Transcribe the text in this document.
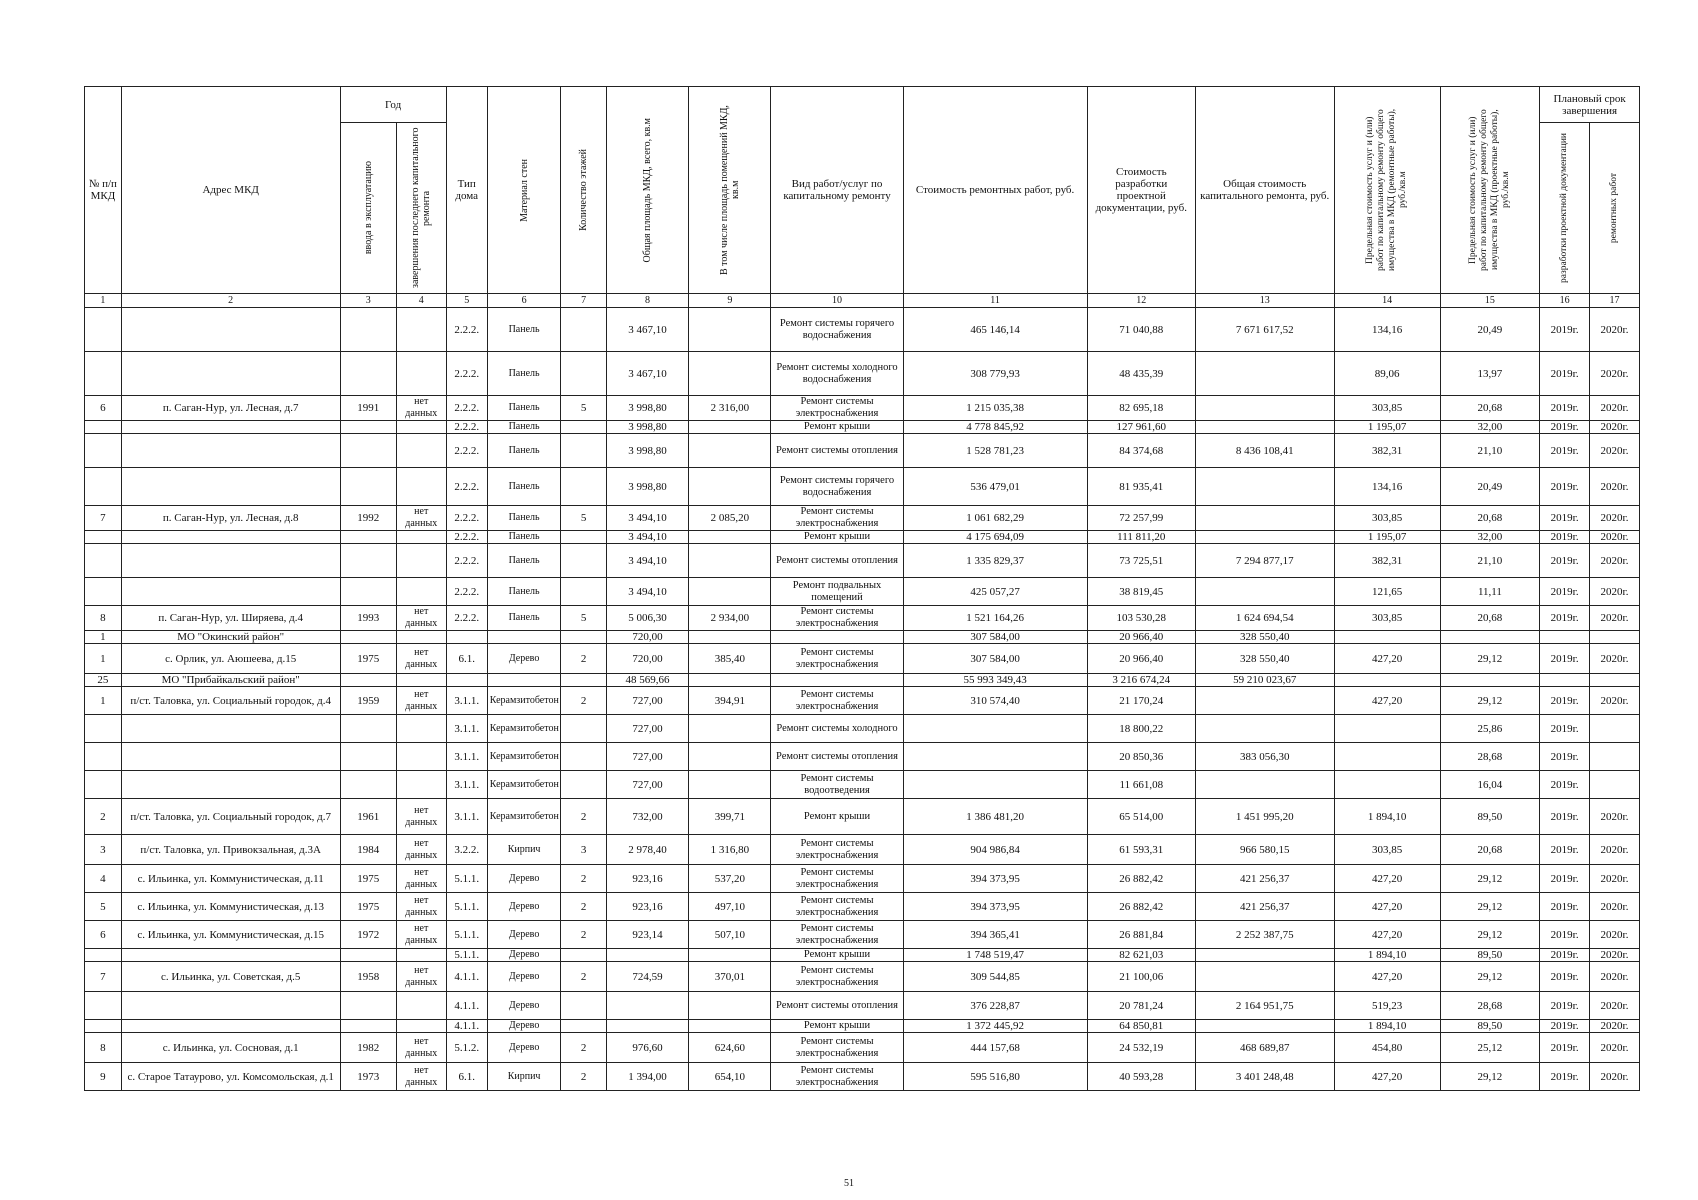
№ п/п МКД	Адрес МКД	Год		Тип дома	Материал стен	Количество этажей	Общая площадь МКД, всего, кв.м	В том числе площадь помещений МКД, кв.м	Вид работ/услуг по капитальному ремонту	Стоимость ремонтных работ, руб.	Стоимость разработки проектной документации, руб.	Общая стоимость капитального ремонта, руб.	Предельная стоимость услуг и (или) работ по капитальному ремонту общего имущества в МКД (ремонтные работы), руб./кв.м	Предельная стоимость услуг и (или) работ по капитальному ремонту общего имущества в МКД (проектные работы), руб./кв.м	Плановый срок завершения	

		ввода в эксплуатацию	завершения последнего капитального ремонта												разработки проектной документации	ремонтных работ

1	2	3	4	5	6	7	8	9	10	11	12	13	14	15	16	17
				2.2.2.	Панель		3 467,10		Ремонт системы горячего водоснабжения	465 146,14	71 040,88	7 671 617,52	134,16	20,49	2019г.	2020г.
				2.2.2.	Панель		3 467,10		Ремонт системы холодного водоснабжения	308 779,93	48 435,39		89,06	13,97	2019г.	2020г.
6	п. Саган-Нур, ул. Лесная, д.7	1991	нет данных	2.2.2.	Панель	5	3 998,80	2 316,00	Ремонт системы электроснабжения	1 215 035,38	82 695,18		303,85	20,68	2019г.	2020г.
				2.2.2.	Панель		3 998,80		Ремонт крыши	4 778 845,92	127 961,60		1 195,07	32,00	2019г.	2020г.
				2.2.2.	Панель		3 998,80		Ремонт системы отопления	1 528 781,23	84 374,68	8 436 108,41	382,31	21,10	2019г.	2020г.
				2.2.2.	Панель		3 998,80		Ремонт системы горячего водоснабжения	536 479,01	81 935,41		134,16	20,49	2019г.	2020г.
7	п. Саган-Нур, ул. Лесная, д.8	1992	нет данных	2.2.2.	Панель	5	3 494,10	2 085,20	Ремонт системы электроснабжения	1 061 682,29	72 257,99		303,85	20,68	2019г.	2020г.
				2.2.2.	Панель		3 494,10		Ремонт крыши	4 175 694,09	111 811,20		1 195,07	32,00	2019г.	2020г.
				2.2.2.	Панель		3 494,10		Ремонт системы отопления	1 335 829,37	73 725,51	7 294 877,17	382,31	21,10	2019г.	2020г.
				2.2.2.	Панель		3 494,10		Ремонт подвальных помещений	425 057,27	38 819,45		121,65	11,11	2019г.	2020г.
8	п. Саган-Нур, ул. Ширяева, д.4	1993	нет данных	2.2.2.	Панель	5	5 006,30	2 934,00	Ремонт системы электроснабжения	1 521 164,26	103 530,28	1 624 694,54	303,85	20,68	2019г.	2020г.
1	МО "Окинский район"						720,00			307 584,00	20 966,40	328 550,40				
1	с. Орлик, ул. Аюшеева, д.15	1975	нет данных	6.1.	Дерево	2	720,00	385,40	Ремонт системы электроснабжения	307 584,00	20 966,40	328 550,40	427,20	29,12	2019г.	2020г.
25	МО "Прибайкальский район"						48 569,66			55 993 349,43	3 216 674,24	59 210 023,67				
1	п/ст. Таловка, ул. Социальный городок, д.4	1959	нет данных	3.1.1.	Керамзитобетон	2	727,00	394,91	Ремонт системы электроснабжения	310 574,40	21 170,24		427,20	29,12	2019г.	2020г.
				3.1.1.	Керамзитобетон		727,00		Ремонт системы холодного		18 800,22			25,86	2019г.	
				3.1.1.	Керамзитобетон		727,00		Ремонт системы отопления		20 850,36	383 056,30		28,68	2019г.	
				3.1.1.	Керамзитобетон		727,00		Ремонт системы водоотведения		11 661,08			16,04	2019г.	
2	п/ст. Таловка, ул. Социальный городок, д.7	1961	нет данных	3.1.1.	Керамзитобетон	2	732,00	399,71	Ремонт крыши	1 386 481,20	65 514,00	1 451 995,20	1 894,10	89,50	2019г.	2020г.
3	п/ст. Таловка, ул. Привокзальная, д.3А	1984	нет данных	3.2.2.	Кирпич	3	2 978,40	1 316,80	Ремонт системы электроснабжения	904 986,84	61 593,31	966 580,15	303,85	20,68	2019г.	2020г.
4	с. Ильинка, ул. Коммунистическая, д.11	1975	нет данных	5.1.1.	Дерево	2	923,16	537,20	Ремонт системы электроснабжения	394 373,95	26 882,42	421 256,37	427,20	29,12	2019г.	2020г.
5	с. Ильинка, ул. Коммунистическая, д.13	1975	нет данных	5.1.1.	Дерево	2	923,16	497,10	Ремонт системы электроснабжения	394 373,95	26 882,42	421 256,37	427,20	29,12	2019г.	2020г.
6	с. Ильинка, ул. Коммунистическая, д.15	1972	нет данных	5.1.1.	Дерево	2	923,14	507,10	Ремонт системы электроснабжения	394 365,41	26 881,84	2 252 387,75	427,20	29,12	2019г.	2020г.
				5.1.1.	Дерево				Ремонт крыши	1 748 519,47	82 621,03		1 894,10	89,50	2019г.	2020г.
7	с. Ильинка, ул. Советская, д.5	1958	нет данных	4.1.1.	Дерево	2	724,59	370,01	Ремонт системы электроснабжения	309 544,85	21 100,06		427,20	29,12	2019г.	2020г.
				4.1.1.	Дерево				Ремонт системы отопления	376 228,87	20 781,24	2 164 951,75	519,23	28,68	2019г.	2020г.
				4.1.1.	Дерево				Ремонт крыши	1 372 445,92	64 850,81		1 894,10	89,50	2019г.	2020г.
8	с. Ильинка, ул. Сосновая, д.1	1982	нет данных	5.1.2.	Дерево	2	976,60	624,60	Ремонт системы электроснабжения	444 157,68	24 532,19	468 689,87	454,80	25,12	2019г.	2020г.
9	с. Старое Татаурово, ул. Комсомольская, д.1	1973	нет данных	6.1.	Кирпич	2	1 394,00	654,10	Ремонт системы электроснабжения	595 516,80	40 593,28	3 401 248,48	427,20	29,12	2019г.	2020г.
51
